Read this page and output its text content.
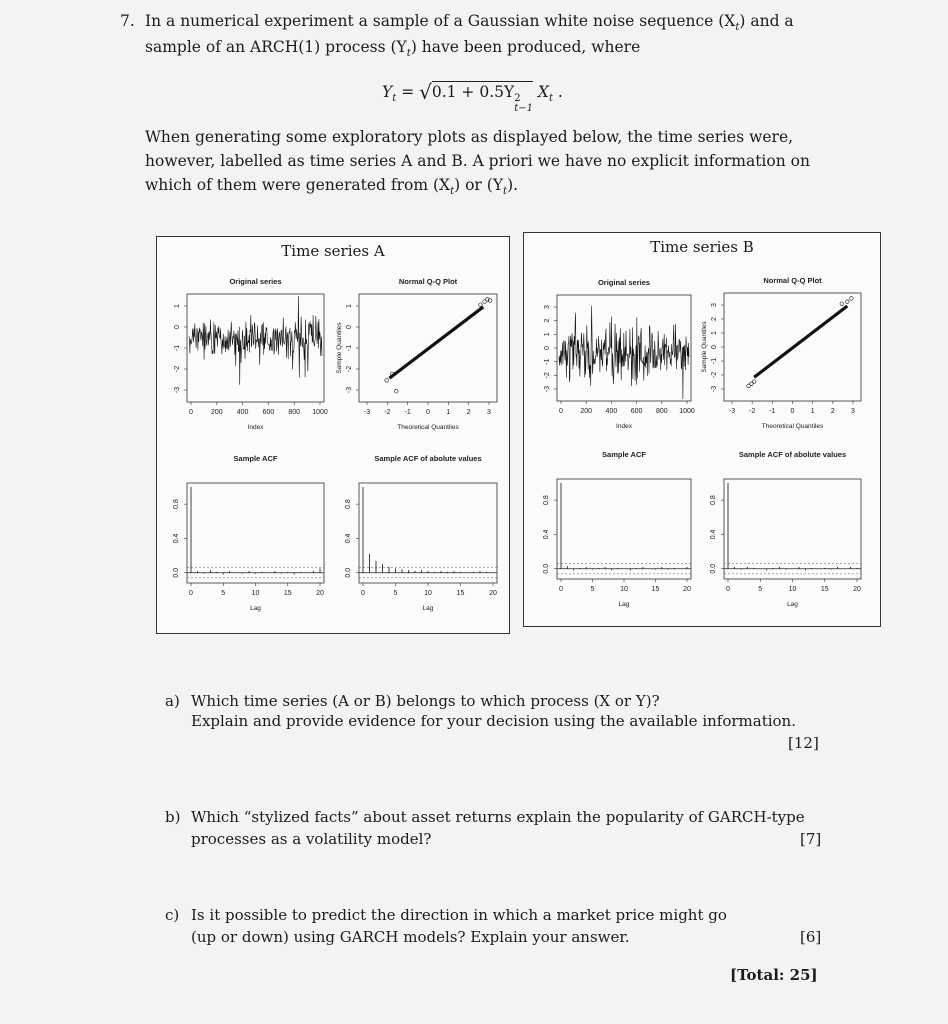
7. In a numerical experiment a sample of a Gaussian white noise sequence $(X_t)$ and a
sample of an ARCH(1) process $(Y_t)$ have been produced, where
$Y_t = √0.1 + 0.5Y$ 2
t−1
$X_t$ .
When generating some exploratory plots as displayed below, the time series were,
however, labelled as time series A and B. A priori we have no explicit information on
which of them were generated from $(X_t)$ or $(Y_t)$.
Time series A
Original series
0	200 400 600 800 1000
1
0
-1
-2
-3
Index
Normal Q-Q Plot
-3 -2 -1 0 1 2 3
1
0
-1
-2
-3
Theoretical Quantiles
Sample Quantiles
Sample ACF
0	5	10	15	20
0.8
0.4
0.0
Lag
Sample ACF of abolute values
0	5	10	15	20
0.8
0.4
0.0
Lag
Time series B
Original series
0 200 400 600 800 1000
3
2
1
0
-1
-2
-3
Index
Normal Q-Q Plot
-3 -2 -1 0 1 2 3
3
2
1
0
-1
-2
-3
Theoretical Quantiles
Sample Quantiles
Sample ACF
0	5	10	15	20
0.8
0.4
0.0
Lag
Sample ACF of abolute values
0	5	10	15	20
0.8
0.4
0.0
Lag
a) Which time series (A or B) belongs to which process (X or Y)?
Explain and provide evidence for your decision using the available information.
[12]
b) Which “stylized facts” about asset returns explain the popularity of GARCH-type
processes as a volatility model?	[7]
c) Is it possible to predict the direction in which a market price might go
(up or down) using GARCH models? Explain your answer.	[6]
[Total: 25]
